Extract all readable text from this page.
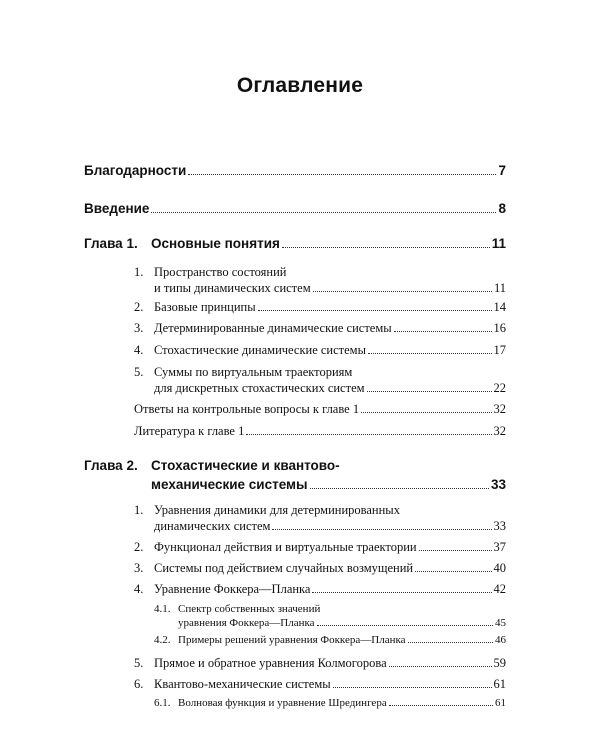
Оглавление
Благодарности	7
Введение	8
Глава 1. Основные понятия	11
1. Пространство состояний
и типы динамических систем	11
2. Базовые принципы	14
3. Детерминированные динамические системы	16
4. Стохастические динамические системы	17
5. Суммы по виртуальным траекториям
для дискретных стохастических систем	22
Ответы на контрольные вопросы к главе 1	32
Литература к главе 1	32
Глава 2. Стохастические и квантово-
механические системы	33
1. Уравнения динамики для детерминированных
динамических систем	33
2. Функционал действия и виртуальные траектории	37
3. Системы под действием случайных возмущений	40
4. Уравнение Фоккера—Планка	42
4.1. Спектр собственных значений
уравнения Фоккера—Планка	45
4.2. Примеры решений уравнения Фоккера—Планка	46
5. Прямое и обратное уравнения Колмогорова	59
6. Квантово-механические системы	61
6.1. Волновая функция и уравнение Шредингера	61
